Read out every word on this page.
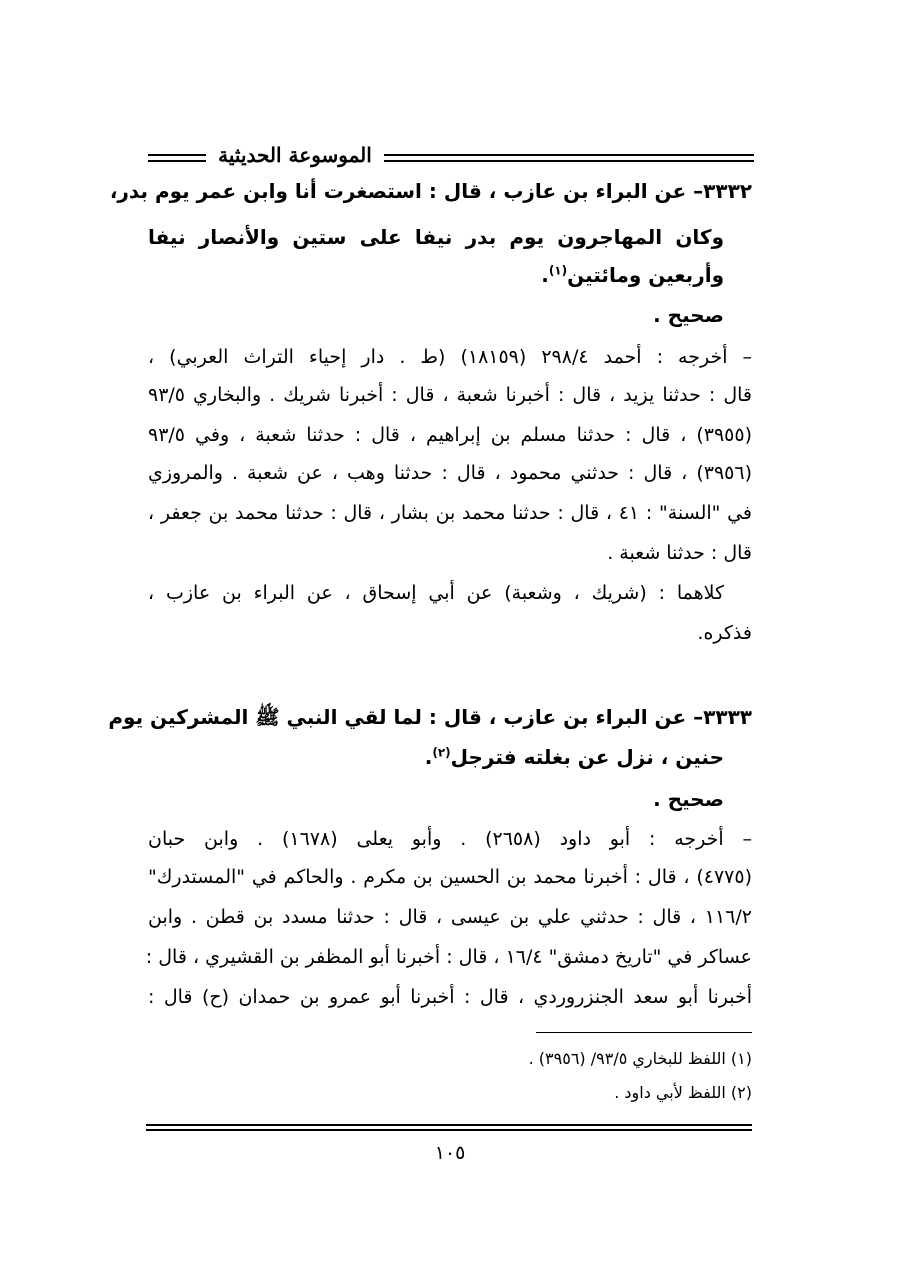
الموسوعة الحديثية
٣٣٣٢– عن البراء بن عازب ، قال : استصغرت أنا وابن عمر يوم بدر،
وكان المهاجرون يوم بدر نيفا على ستين والأنصار نيفا
وأربعين ومائتين$^{(١)}$.
صحيح .
– أخرجه : أحمد ٢٩٨/٤ (١٨١٥٩) (ط . دار إحياء التراث العربي) ،
قال : حدثنا يزيد ، قال : أخبرنا شعبة ، قال : أخبرنا شريك . والبخاري ٩٣/٥
(٣٩٥٥) ، قال : حدثنا مسلم بن إبراهيم ، قال : حدثنا شعبة ، وفي ٩٣/٥
(٣٩٥٦) ، قال : حدثني محمود ، قال : حدثنا وهب ، عن شعبة . والمروزي
في "السنة" : ٤١ ، قال : حدثنا محمد بن بشار ، قال : حدثنا محمد بن جعفر ،
قال : حدثنا شعبة .
كلاهما : (شريك ، وشعبة) عن أبي إسحاق ، عن البراء بن عازب ،
فذكره.
٣٣٣٣– عن البراء بن عازب ، قال : لما لقي النبي ﷺ المشركين يوم
حنين ، نزل عن بغلته فترجل$^{(٢)}$.
صحيح .
– أخرجه : أبو داود (٢٦٥٨) . وأبو يعلى (١٦٧٨) . وابن حبان
(٤٧٧٥) ، قال : أخبرنا محمد بن الحسين بن مكرم . والحاكم في "المستدرك"
١١٦/٢ ، قال : حدثني علي بن عيسى ، قال : حدثنا مسدد بن قطن . وابن
عساكر في "تاريخ دمشق" ١٦/٤ ، قال : أخبرنا أبو المظفر بن القشيري ، قال :
أخبرنا أبو سعد الجنزروردي ، قال : أخبرنا أبو عمرو بن حمدان (ح) قال :
(١) اللفظ للبخاري ٩٣/٥/ (٣٩٥٦) .
(٢) اللفظ لأبي داود .
١٠٥
